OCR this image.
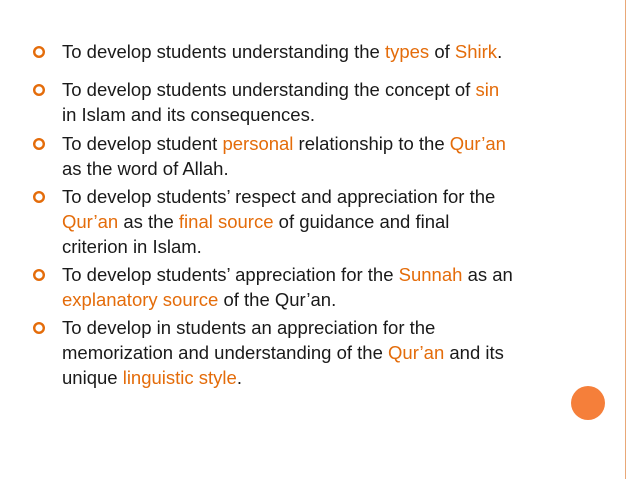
To develop students understanding the types of Shirk.
To develop students understanding the concept of sin
in Islam and its consequences.
To develop student personal relationship to the Qur’an
as the word of Allah.
To develop students’ respect and appreciation for the
Qur’an as the final source of guidance and final
criterion in Islam.
To develop students’ appreciation for the Sunnah as an
explanatory source of the Qur’an.
To develop in students an appreciation for the
memorization and understanding of the Qur’an and its
unique linguistic style.
